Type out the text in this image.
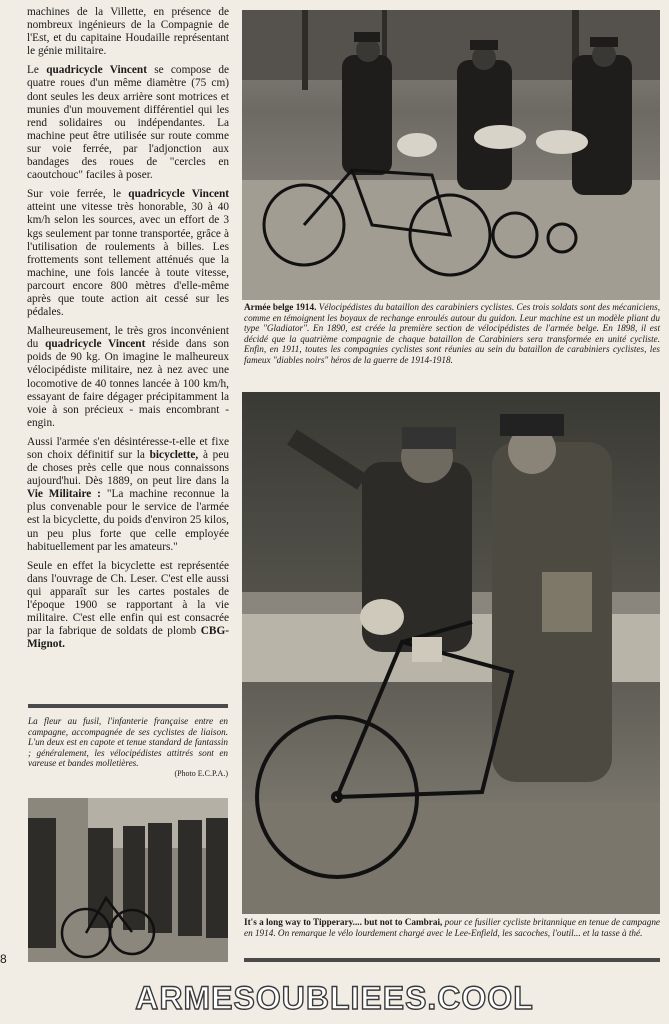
machines de la Villette, en présence de nombreux ingénieurs de la Compagnie de l'Est, et du capitaine Houdaille représentant le génie militaire.

Le quadricycle Vincent se compose de quatre roues d'un même diamètre (75 cm) dont seules les deux arrière sont motrices et munies d'un mouvement différentiel qui les rend solidaires ou indépendantes. La machine peut être utilisée sur route comme sur voie ferrée, par l'adjonction aux bandages des roues de "cercles en caoutchouc" faciles à poser.

Sur voie ferrée, le quadricycle Vincent atteint une vitesse très honorable, 30 à 40 km/h selon les sources, avec un effort de 3 kgs seulement par tonne transportée, grâce à l'utilisation de roulements à billes. Les frottements sont tellement atténués que la machine, une fois lancée à toute vitesse, parcourt encore 800 mètres d'elle-même après que toute action ait cessé sur les pédales.

Malheureusement, le très gros inconvénient du quadricycle Vincent réside dans son poids de 90 kg. On imagine le malheureux vélocipédiste militaire, nez à nez avec une locomotive de 40 tonnes lancée à 100 km/h, essayant de faire dégager précipitamment la voie à son précieux - mais encombrant - engin.

Aussi l'armée s'en désintéresse-t-elle et fixe son choix définitif sur la bicyclette, à peu de choses près celle que nous connaissons aujourd'hui. Dès 1889, on peut lire dans la Vie Militaire : "La machine reconnue la plus convenable pour le service de l'armée est la bicyclette, du poids d'environ 25 kilos, un peu plus forte que celle employée habituellement par les amateurs."

Seule en effet la bicyclette est représentée dans l'ouvrage de Ch. Leser. C'est elle aussi qui apparaît sur les cartes postales de l'époque 1900 se rapportant à la vie militaire. C'est elle enfin qui est consacrée par la fabrique de soldats de plomb CBG-Mignot.

Armée belge 1914. Vélocipédistes du bataillon des carabiniers cyclistes. Ces trois soldats sont des mécaniciens, comme en témoignent les boyaux de rechange enroulés autour du guidon. Leur machine est un modèle pliant du type "Gladiator". En 1890, est créée la première section de vélocipédistes de l'armée belge. En 1898, il est décidé que la quatrième compagnie de chaque bataillon de Carabiniers sera transformée en unité cycliste. Enfin, en 1911, toutes les compagnies cyclistes sont réunies au sein du bataillon de carabiniers cyclistes, les fameux "diables noirs" héros de la guerre de 1914-1918.
It's a long way to Tipperary.... but not to Cambrai, pour ce fusilier cycliste britannique en tenue de campagne en 1914. On remarque le vélo lourdement chargé avec le Lee-Enfield, les sacoches, l'outil... et la tasse à thé.
La fleur au fusil, l'infanterie française entre en campagne, accompagnée de ses cyclistes de liaison. L'un deux est en capote et tenue standard de fantassin ; généralement, les vélocipédistes attitrés sont en vareuse et bandes molletières.
(Photo E.C.P.A.)
8
ARMESOUBLIEES.COOL
